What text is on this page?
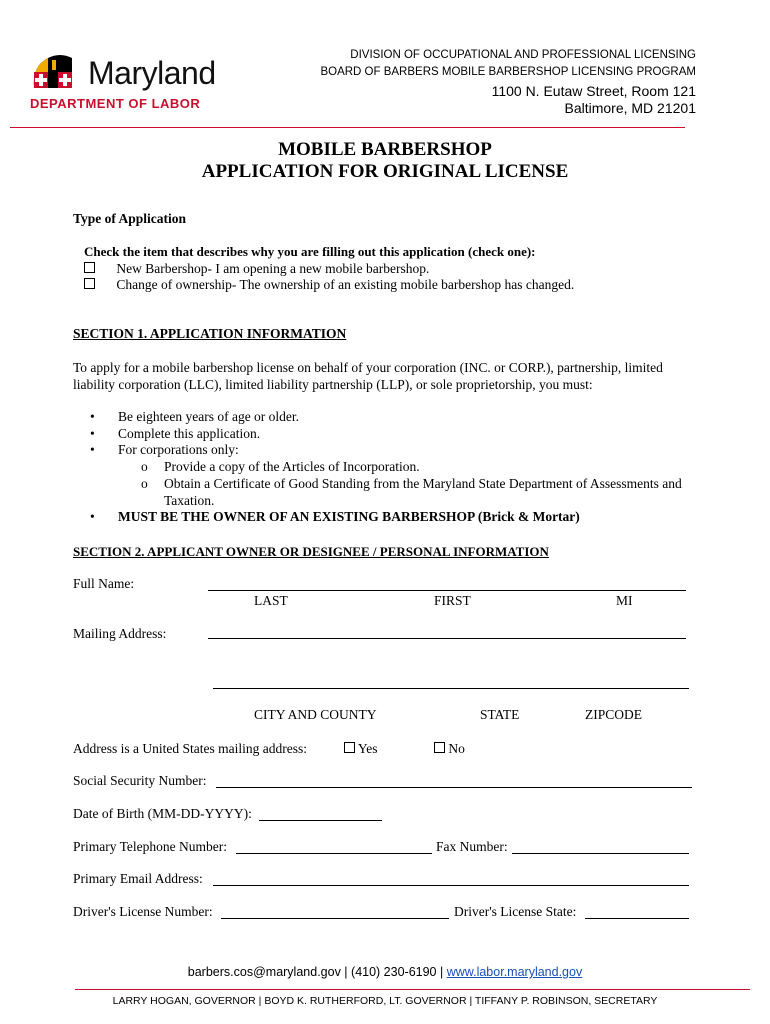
Maryland
DEPARTMENT OF LABOR
DIVISION OF OCCUPATIONAL AND PROFESSIONAL LICENSING
BOARD OF BARBERS MOBILE BARBERSHOP LICENSING PROGRAM
1100 N. Eutaw Street, Room 121
Baltimore, MD 21201
MOBILE BARBERSHOP
APPLICATION FOR ORIGINAL LICENSE
Type of Application
Check the item that describes why you are filling out this application (check one):
New Barbershop- I am opening a new mobile barbershop.
Change of ownership- The ownership of an existing mobile barbershop has changed.
SECTION 1. APPLICATION INFORMATION
To apply for a mobile barbershop license on behalf of your corporation (INC. or CORP.), partnership, limited liability corporation (LLC), limited liability partnership (LLP), or sole proprietorship, you must:
• Be eighteen years of age or older.
• Complete this application.
• For corporations only:
o Provide a copy of the Articles of Incorporation.
o Obtain a Certificate of Good Standing from the Maryland State Department of Assessments and Taxation.
• MUST BE THE OWNER OF AN EXISTING BARBERSHOP (Brick & Mortar)
SECTION 2. APPLICANT OWNER OR DESIGNEE / PERSONAL INFORMATION
Full Name:
LAST	FIRST	MI
Mailing Address:
CITY AND COUNTY	STATE	ZIPCODE
Address is a United States mailing address:	Yes	No
Social Security Number:
Date of Birth (MM-DD-YYYY):
Primary Telephone Number:	Fax Number:
Primary Email Address:
Driver's License Number:	Driver's License State:
barbers.cos@maryland.gov | (410) 230-6190 | www.labor.maryland.gov
LARRY HOGAN, GOVERNOR | BOYD K. RUTHERFORD, LT. GOVERNOR | TIFFANY P. ROBINSON, SECRETARY
